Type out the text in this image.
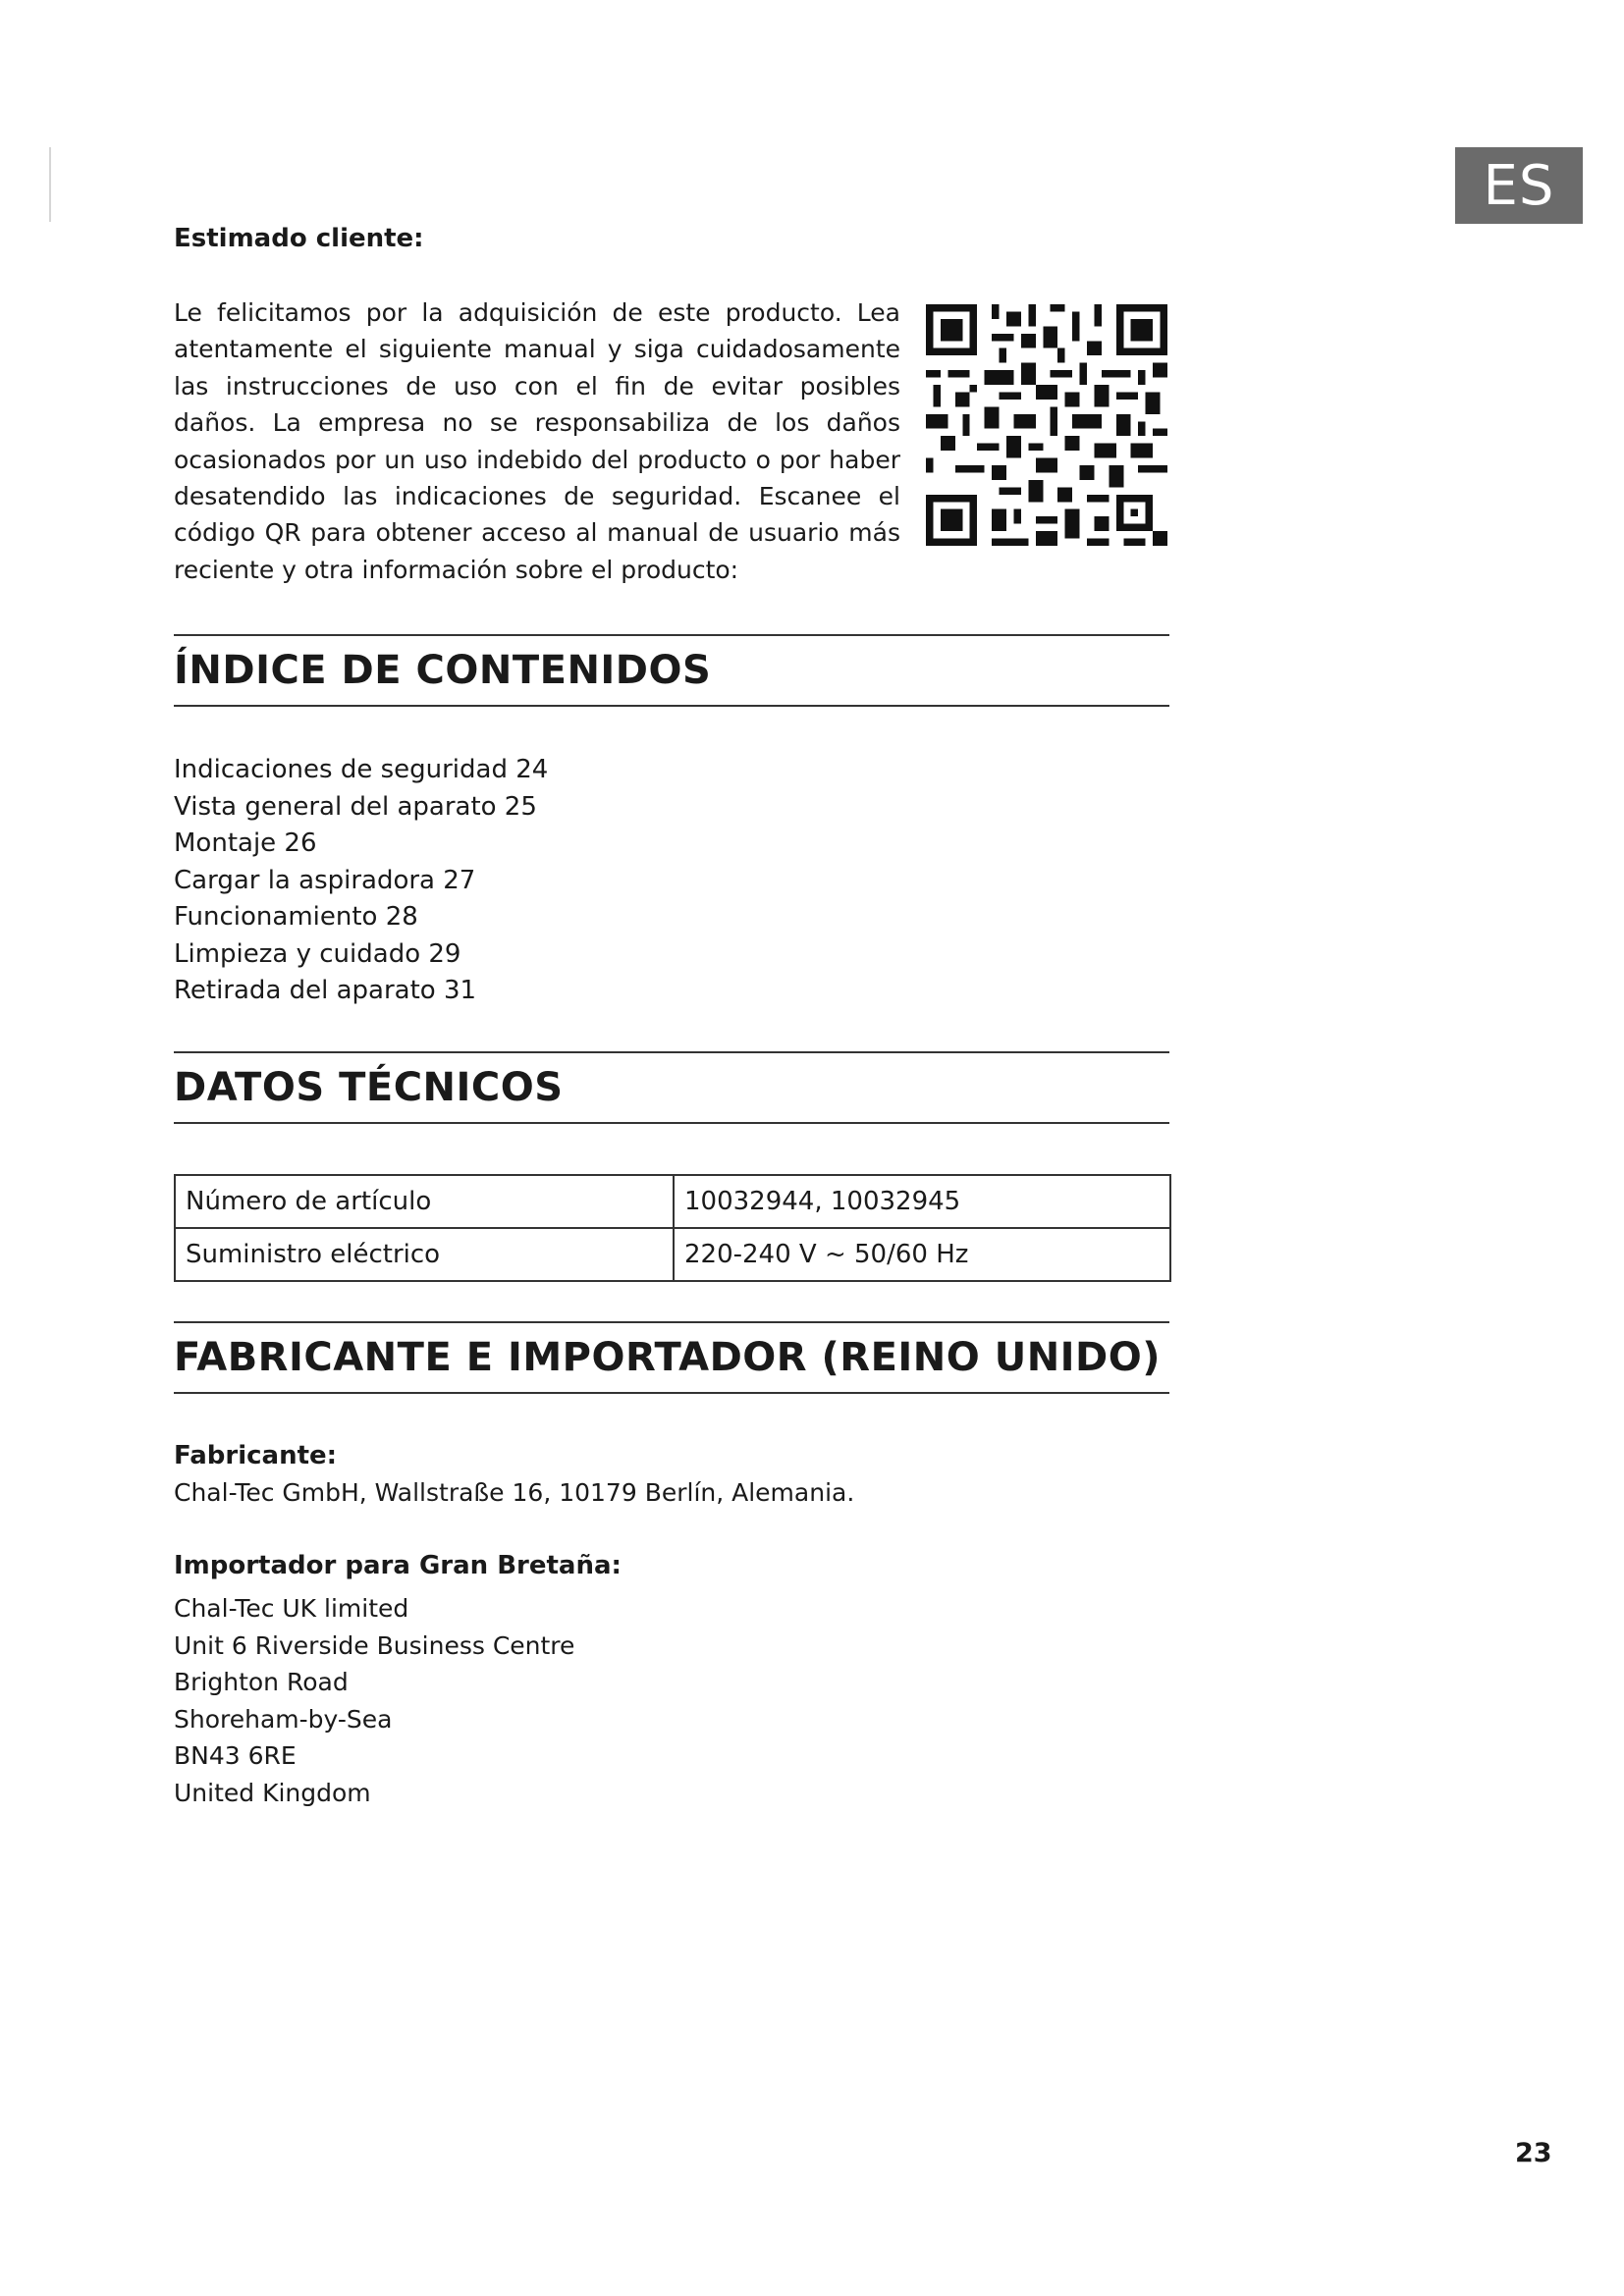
ES
Estimado cliente:

Le felicitamos por la adquisición de este producto. Lea atentamente el siguiente manual y siga cuidadosamente las instrucciones de uso con el fin de evitar posibles daños. La empresa no se responsabiliza de los daños ocasionados por un uso indebido del producto o por haber desatendido las indicaciones de seguridad. Escanee el código QR para obtener acceso al manual de usuario más reciente y otra información sobre el producto:

ÍNDICE DE CONTENIDOS
Indicaciones de seguridad 24
Vista general del aparato 25
Montaje 26
Cargar la aspiradora 27
Funcionamiento 28
Limpieza y cuidado 29
Retirada del aparato 31
DATOS TÉCNICOS
Número de artículo	10032944, 10032945
Suministro eléctrico	220-240 V ~ 50/60 Hz
FABRICANTE E IMPORTADOR (REINO UNIDO)
Fabricante:
Chal-Tec GmbH, Wallstraße 16, 10179 Berlín, Alemania.
Importador para Gran Bretaña:
Chal-Tec UK limited
Unit 6 Riverside Business Centre
Brighton Road
Shoreham-by-Sea
BN43 6RE
United Kingdom
23
